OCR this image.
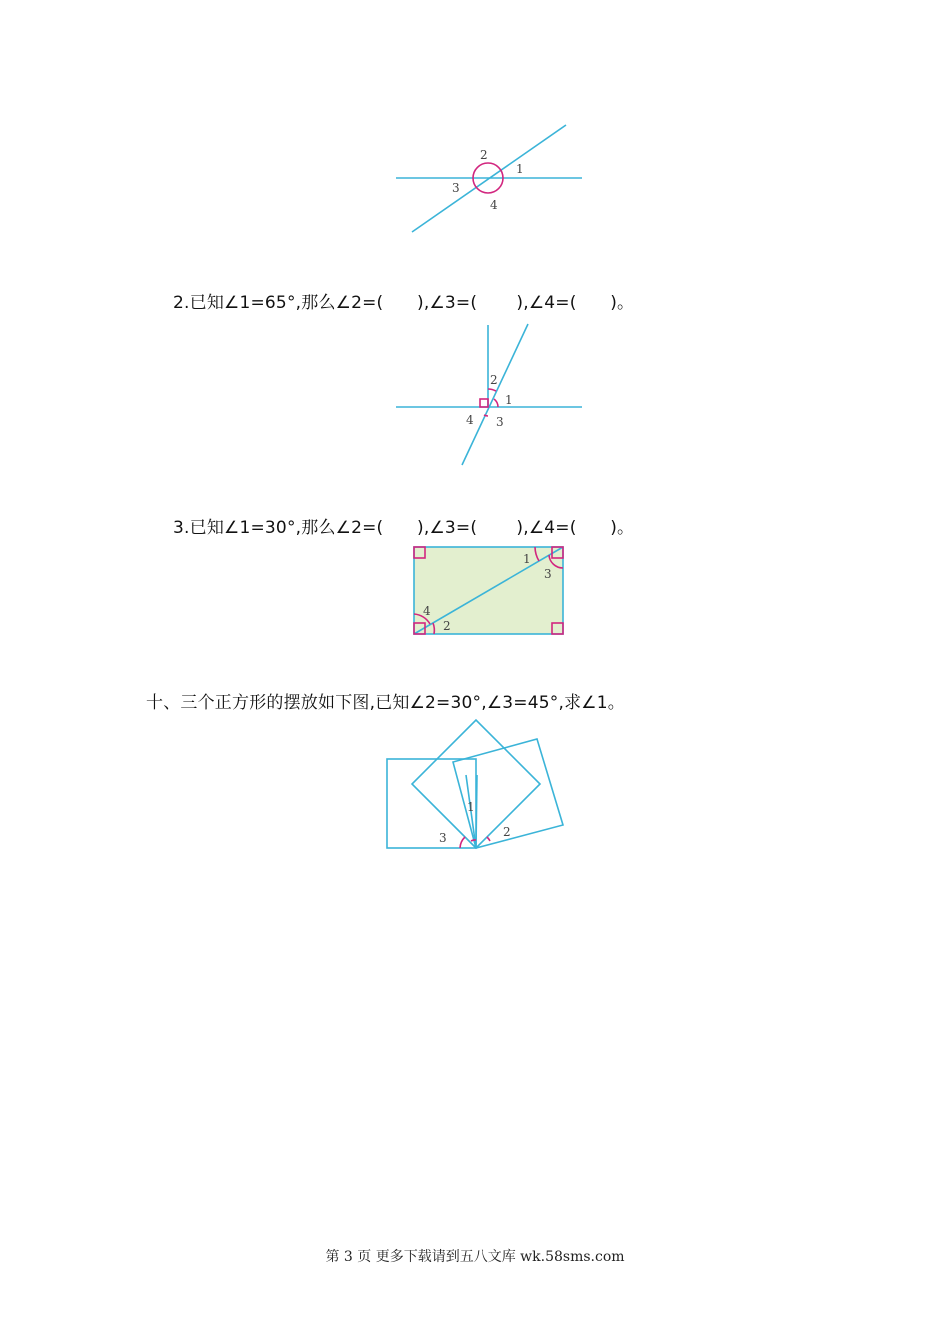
2
1
3
4
2.已知∠1=65°,那么∠2=(      ),∠3=(       ),∠4=(      )。
2
1
4 3
3.已知∠1=30°,那么∠2=(      ),∠3=(       ),∠4=(      )。
1
3
4
2
十、三个正方形的摆放如下图,已知∠2=30°,∠3=45°,求∠1。
1
3	2
第 3 页 更多下载请到五八文库 wk.58sms.com
